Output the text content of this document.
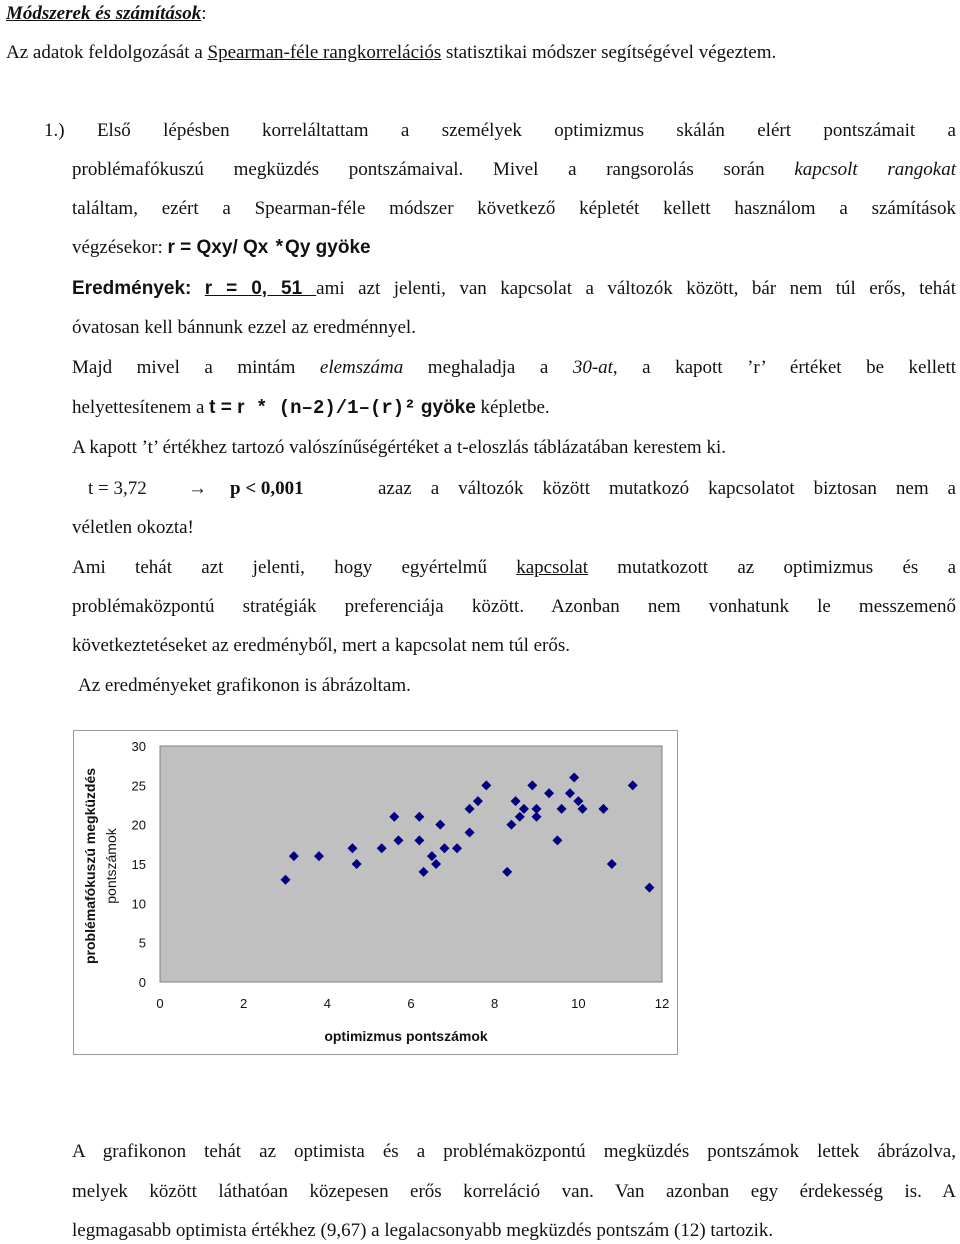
Módszerek és számítások:
Az adatok feldolgozását a Spearman-féle rangkorrelációs statisztikai módszer segítségével végeztem.
1.) Első lépésben korreláltattam a személyek optimizmus skálán elért pontszámait a
problémafókuszú megküzdés pontszámaival. Mivel a rangsorolás során kapcsolt rangokat
találtam, ezért a Spearman-féle módszer következő képletét kellett használom a számítások
végzésekor: r = Qxy/ Qx *Qy gyöke
Eredmények: r = 0, 51 ami azt jelenti, van kapcsolat a változók között, bár nem túl erős, tehát
óvatosan kell bánnunk ezzel az eredménnyel.
Majd mivel a mintám elemszáma meghaladja a 30-at, a kapott ’r’ értéket be kellett
helyettesítenem a t = r * (n–2)/1–(r)² gyöke képletbe.
A kapott ’t’ értékhez tartozó valószínűségértéket a t-eloszlás táblázatában kerestem ki.
t = 3,72 → p < 0,001	azaz a változók között mutatkozó kapcsolatot biztosan nem a
véletlen okozta!
Ami tehát azt jelenti, hogy egyértelmű kapcsolat mutatkozott az optimizmus és a
problémaközpontú stratégiák preferenciája között. Azonban nem vonhatunk le messzemenő
következtetéseket az eredményből, mert a kapcsolat nem túl erős.
Az eredményeket grafikonon is ábrázoltam.
0
5
10
15
20
25
30
0	2	4	6	8	10	12
optimizmus pontszámok
problémafókuszú megküzdés pontszámok
A grafikonon tehát az optimista és a problémaközpontú megküzdés pontszámok lettek ábrázolva,
melyek között láthatóan közepesen erős korreláció van. Van azonban egy érdekesség is. A
legmagasabb optimista értékhez (9,67) a legalacsonyabb megküzdés pontszám (12) tartozik.
